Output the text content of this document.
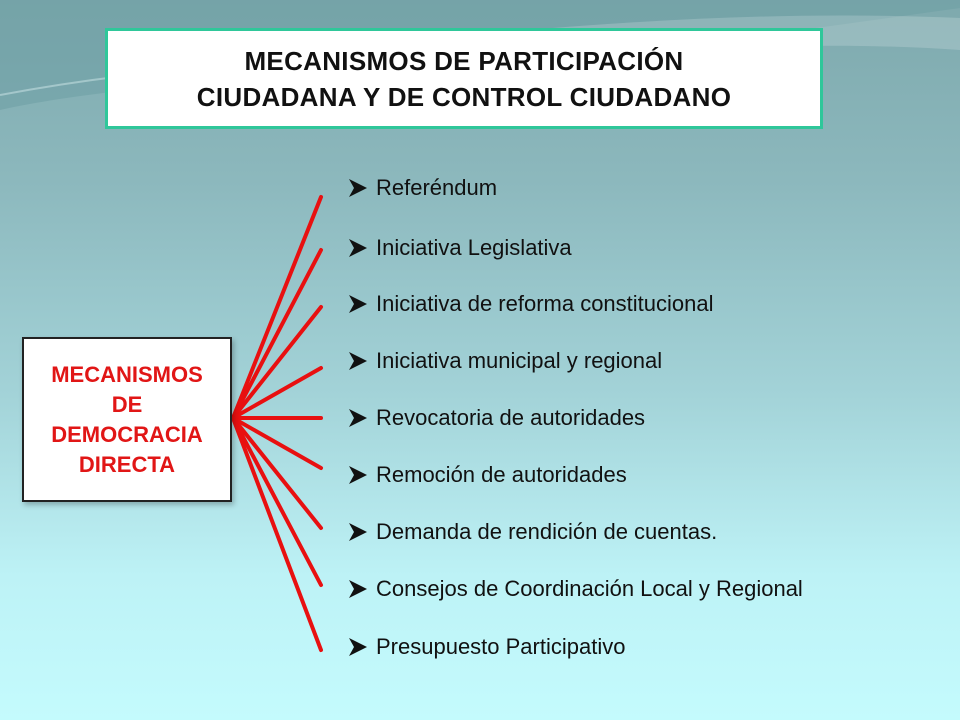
MECANISMOS DE PARTICIPACIÓN
CIUDADANA Y DE CONTROL CIUDADANO
MECANISMOS
DE
DEMOCRACIA
DIRECTA
Referéndum
Iniciativa Legislativa
Iniciativa de reforma constitucional
Iniciativa municipal y regional
Revocatoria de autoridades
Remoción de autoridades
Demanda de rendición de cuentas.
Consejos de Coordinación Local y Regional
Presupuesto Participativo
